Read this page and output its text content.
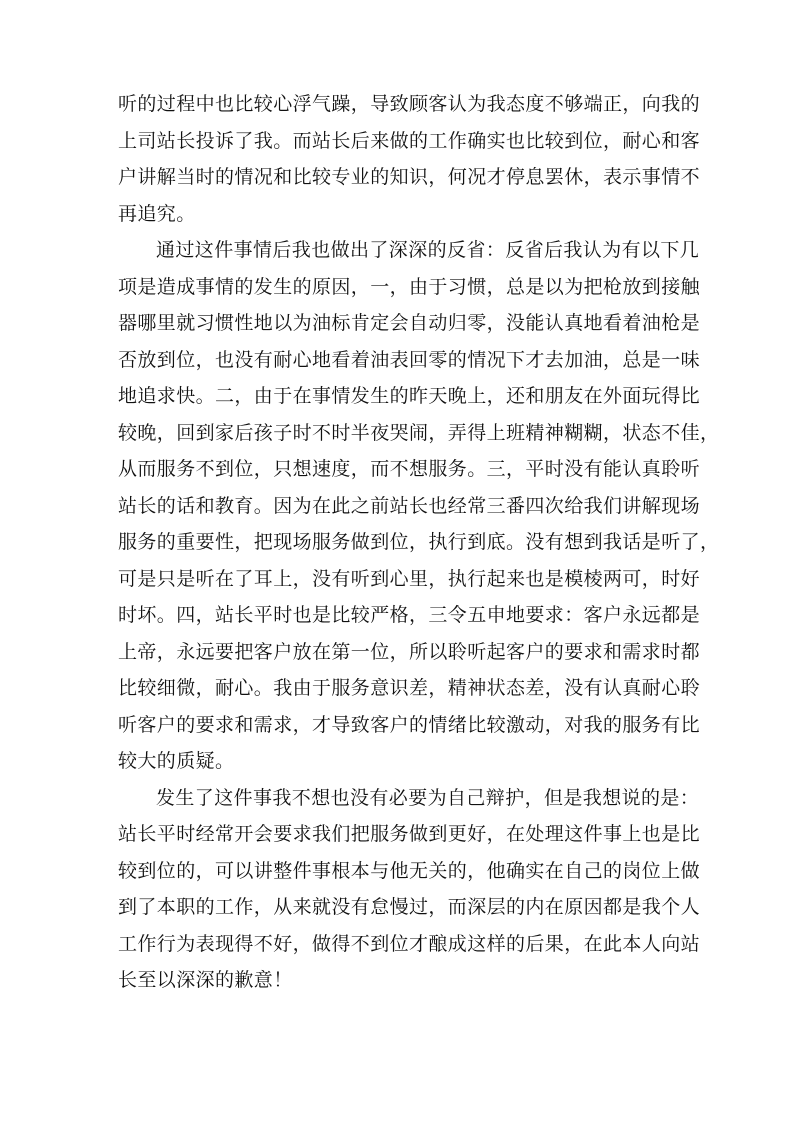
听的过程中也比较心浮气躁，导致顾客认为我态度不够端正，向我的
上司站长投诉了我。而站长后来做的工作确实也比较到位，耐心和客
户讲解当时的情况和比较专业的知识，何况才停息罢休，表示事情不
再追究。
通过这件事情后我也做出了深深的反省：反省后我认为有以下几
项是造成事情的发生的原因，一，由于习惯，总是以为把枪放到接触
器哪里就习惯性地以为油标肯定会自动归零，没能认真地看着油枪是
否放到位，也没有耐心地看着油表回零的情况下才去加油，总是一味
地追求快。二，由于在事情发生的昨天晚上，还和朋友在外面玩得比
较晚，回到家后孩子时不时半夜哭闹，弄得上班精神糊糊，状态不佳，
从而服务不到位，只想速度，而不想服务。三，平时没有能认真聆听
站长的话和教育。因为在此之前站长也经常三番四次给我们讲解现场
服务的重要性，把现场服务做到位，执行到底。没有想到我话是听了，
可是只是听在了耳上，没有听到心里，执行起来也是模棱两可，时好
时坏。四，站长平时也是比较严格，三令五申地要求：客户永远都是
上帝，永远要把客户放在第一位，所以聆听起客户的要求和需求时都
比较细微，耐心。我由于服务意识差，精神状态差，没有认真耐心聆
听客户的要求和需求，才导致客户的情绪比较激动，对我的服务有比
较大的质疑。
发生了这件事我不想也没有必要为自己辩护，但是我想说的是：
站长平时经常开会要求我们把服务做到更好，在处理这件事上也是比
较到位的，可以讲整件事根本与他无关的，他确实在自己的岗位上做
到了本职的工作，从来就没有怠慢过，而深层的内在原因都是我个人
工作行为表现得不好，做得不到位才酿成这样的后果，在此本人向站
长至以深深的歉意！
